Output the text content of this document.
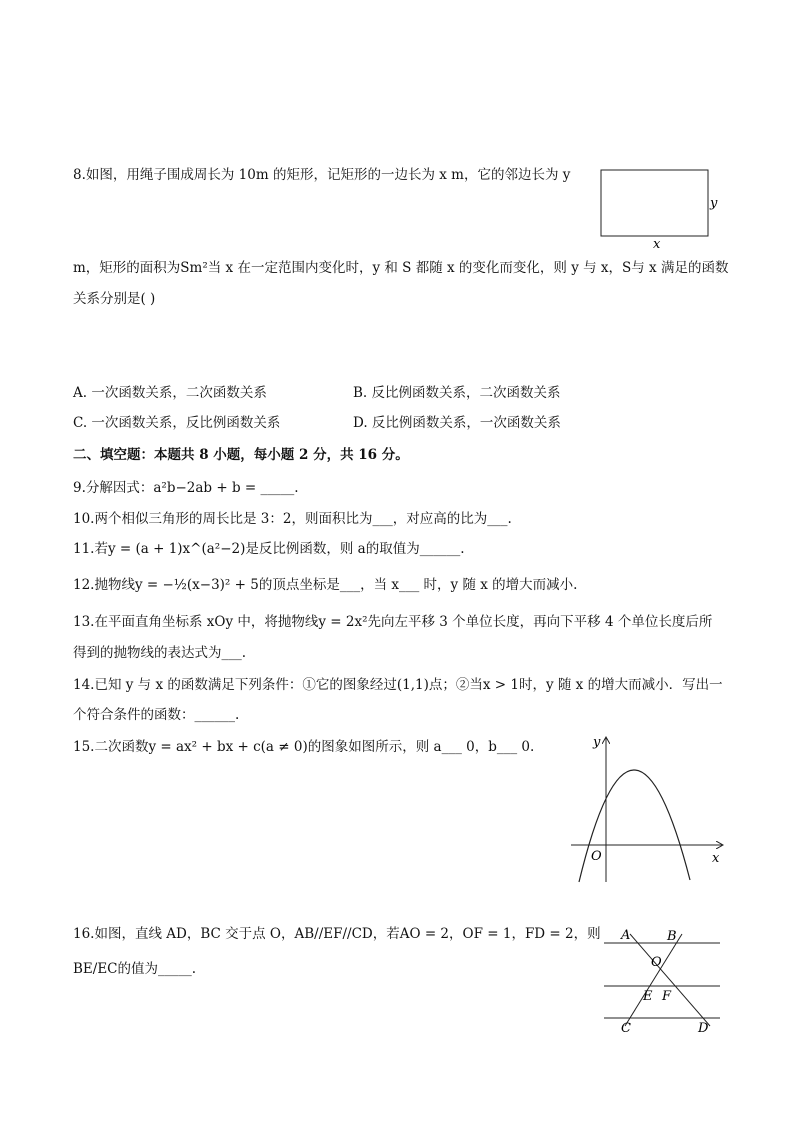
8.如图，用绳子围成周长为 10m 的矩形，记矩形的一边长为 x m，它的邻边长为 y
y
x
m，矩形的面积为Sm²当 x 在一定范围内变化时，y 和 S 都随 x 的变化而变化，则 y 与 x，S与 x 满足的函数
关系分别是( )
A. 一次函数关系，二次函数关系	B. 反比例函数关系，二次函数关系
C. 一次函数关系，反比例函数关系	D. 反比例函数关系，一次函数关系
二、填空题：本题共 8 小题，每小题 2 分，共 16 分。
9.分解因式：a²b−2ab + b = _____.
10.两个相似三角形的周长比是 3：2，则面积比为___，对应高的比为___.
11.若y = (a + 1)x^(a²−2)是反比例函数，则 a的取值为______.
12.抛物线y = −½(x−3)² + 5的顶点坐标是___，当 x___ 时，y 随 x 的增大而减小.
13.在平面直角坐标系 xOy 中，将抛物线y = 2x²先向左平移 3 个单位长度，再向下平移 4 个单位长度后所
得到的抛物线的表达式为___.
14.已知 y 与 x 的函数满足下列条件：①它的图象经过(1,1)点；②当x > 1时，y 随 x 的增大而减小．写出一
个符合条件的函数：______.
15.二次函数y = ax² + bx + c(a ≠ 0)的图象如图所示，则 a___ 0，b___ 0.	y
x
O
16.如图，直线 AD，BC 交于点 O，AB//EF//CD，若AO = 2，OF = 1，FD = 2，则
BE/EC的值为_____.
A	B
O
E F
C	D
